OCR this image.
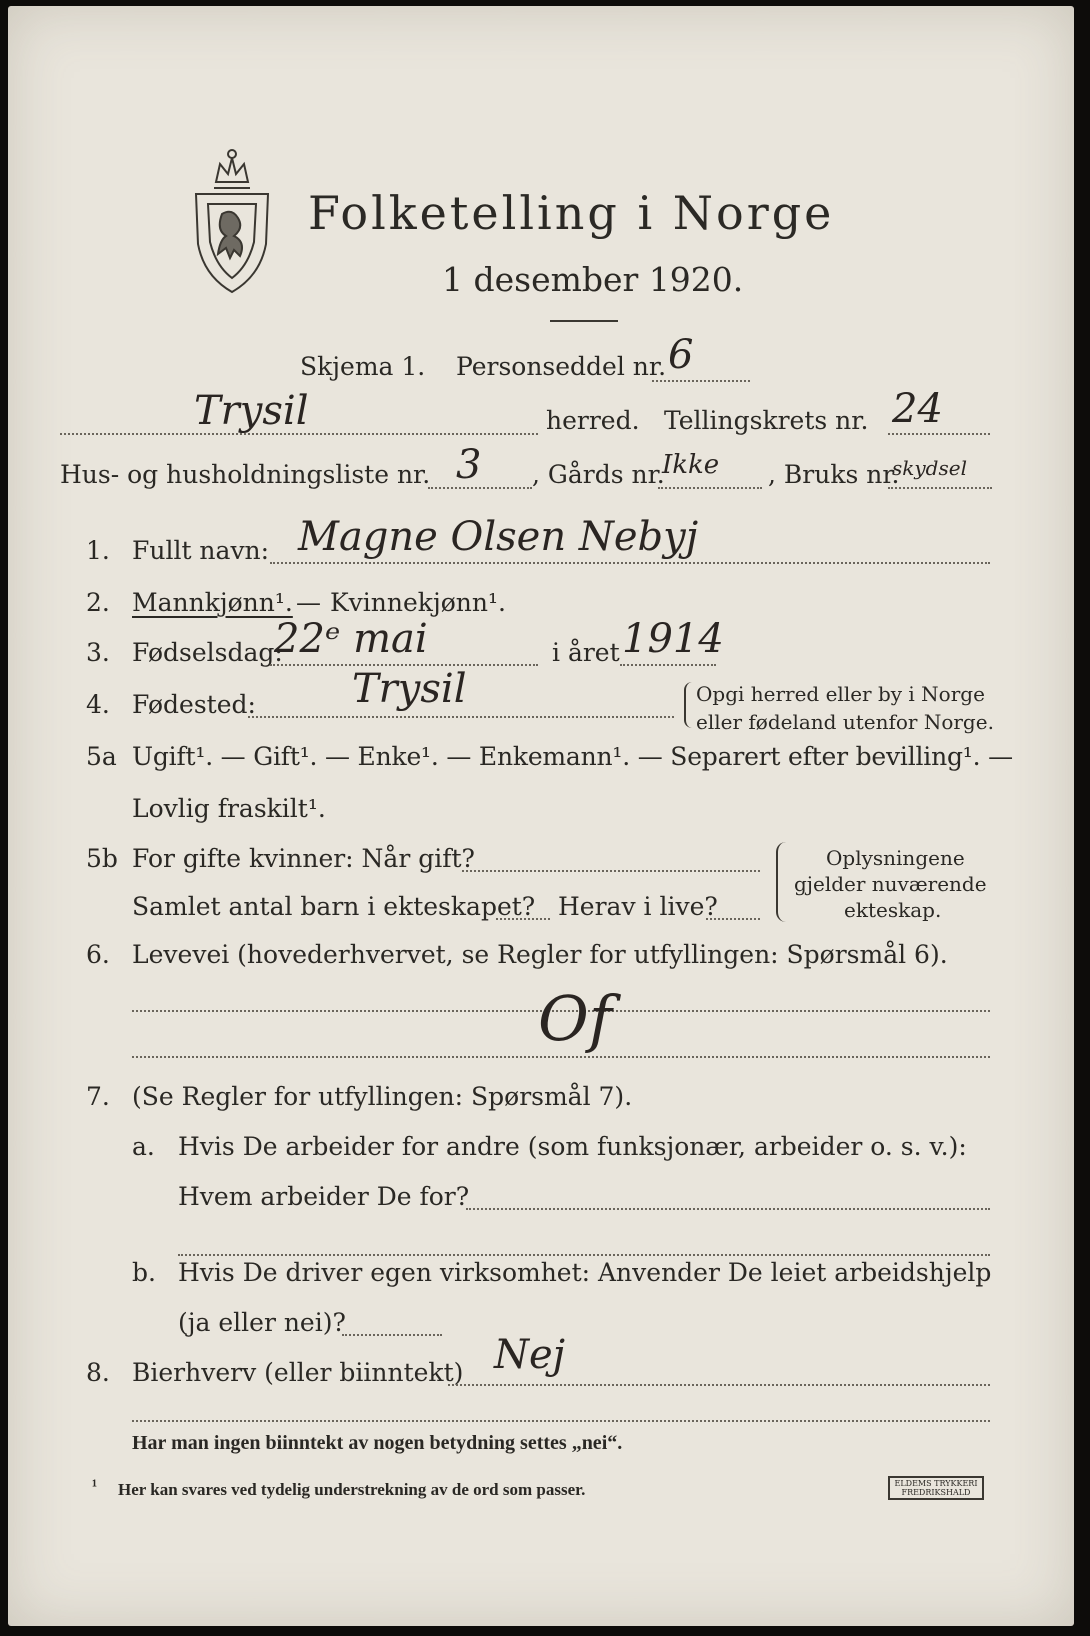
Folketelling i Norge
1 desember 1920.
Skjema 1. Personseddel nr. 6
Trysil	herred. Tellingskrets nr. 24
Hus- og husholdningsliste nr. 3 , Gårds nr.
Ikke , Bruks nr.
skydsel
1. Fullt navn: Magne Olsen Nebyj
2. Mannkjønn¹. — Kvinnekjønn¹.
3. Fødselsdag:
22ᵉ mai	i året 1914
4. Fødested: Trysil	Opgi herred eller by i Norge
eller fødeland utenfor Norge.
5a Ugift¹. — Gift¹. — Enke¹. — Enkemann¹. — Separert efter bevilling¹. —
Lovlig fraskilt¹.
5b For gifte kvinner: Når gift?
Samlet antal barn i ekteskapet? Herav i live?
Oplysningene
gjelder nuværende
ekteskap.
6. Levevei (hovederhvervet, se Regler for utfyllingen: Spørsmål 6).
Of
7. (Se Regler for utfyllingen: Spørsmål 7).
a. Hvis De arbeider for andre (som funksjonær, arbeider o. s. v.):
Hvem arbeider De for?
b. Hvis De driver egen virksomhet: Anvender De leiet arbeidshjelp
(ja eller nei)?
8. Bierhverv (eller biinntekt) Nej
Har man ingen biinntekt av nogen betydning settes „nei“.
¹ Her kan svares ved tydelig understrekning av de ord som passer.	ELDEMS TRYKKERI FREDRIKSHALD
